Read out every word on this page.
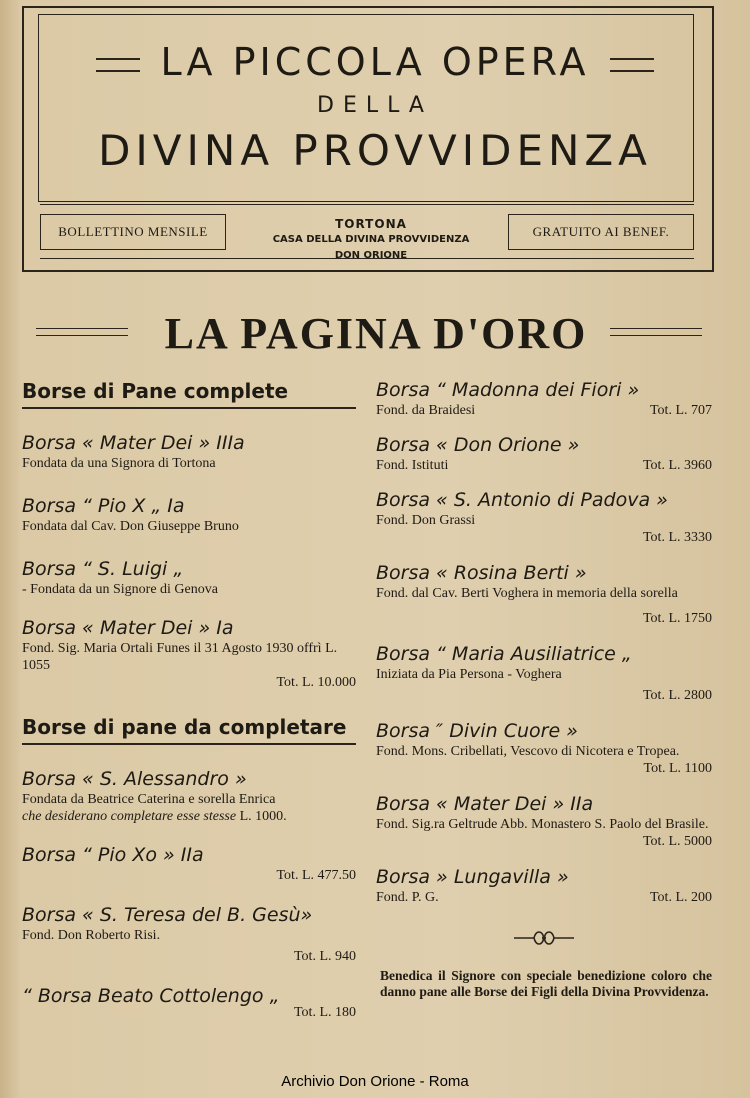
LA PICCOLA OPERA
DELLA
DIVINA PROVVIDENZA
BOLLETTINO MENSILE	TORTONA
CASA DELLA DIVINA PROVVIDENZA
DON ORIONE
GRATUITO AI BENEF.
LA PAGINA D'ORO
Borse di Pane complete
Borsa « Mater Dei » IIIa
Fondata da una Signora di Tortona
Borsa “ Pio X „ Ia
Fondata dal Cav. Don Giuseppe Bruno
Borsa “ S. Luigi „
- Fondata da un Signore di Genova
Borsa « Mater Dei » Ia
Fond. Sig. Maria Ortali Funes il 31 Agosto 1930 offrì L. 1055
Tot. L. 10.000
Borse di pane da completare
Borsa « S. Alessandro »
Fondata da Beatrice Caterina e sorella Enrica
che desiderano completare esse stesse L. 1000.
Borsa “ Pio Xo » IIa
Tot. L. 477.50
Borsa « S. Teresa del B. Gesù»
Fond. Don Roberto Risi.
Tot. L. 940
“ Borsa Beato Cottolengo „
Tot. L. 180
Borsa “ Madonna dei Fiori »
Fond. da Braidesi	Tot. L. 707
Borsa « Don Orione »
Fond. Istituti	Tot. L. 3960
Borsa « S. Antonio di Padova »
Fond. Don Grassi
Tot. L. 3330
Borsa « Rosina Berti »
Fond. dal Cav. Berti Voghera in memoria della sorella
Tot. L. 1750
Borsa “ Maria Ausiliatrice „
Iniziata da Pia Persona - Voghera
Tot. L. 2800
Borsa ″ Divin Cuore »
Fond. Mons. Cribellati, Vescovo di Nicotera e Tropea.
Tot. L. 1100
Borsa « Mater Dei » IIa
Fond. Sig.ra Geltrude Abb. Monastero S. Paolo del Brasile.
Tot. L. 5000
Borsa » Lungavilla »
Fond. P. G.	Tot. L. 200
Benedica il Signore con speciale benedizione coloro che danno pane alle Borse dei Figli della Divina Provvidenza.
Archivio Don Orione - Roma
